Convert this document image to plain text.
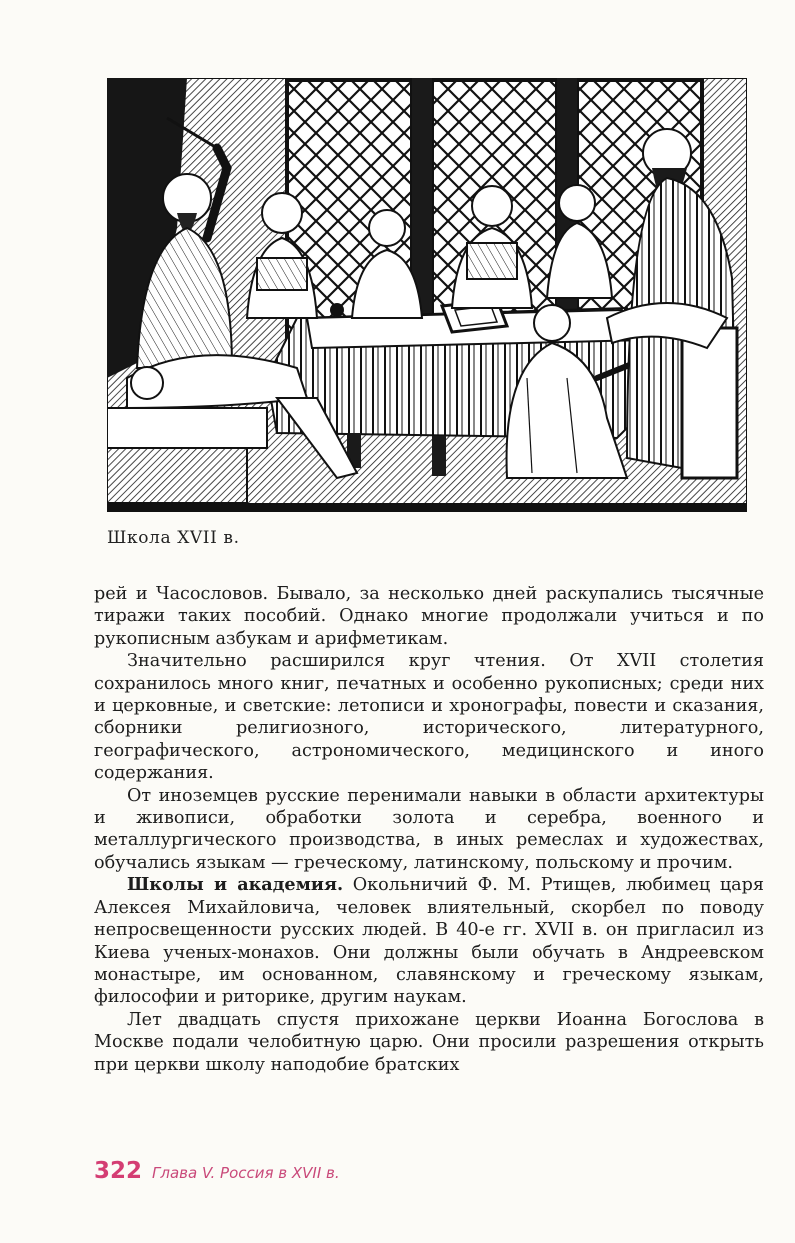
Школа XVII в.

рей и Часословов. Бывало, за несколько дней раскупались тысячные тиражи таких пособий. Однако многие продолжали учиться и по рукописным азбукам и арифметикам.

Значительно расширился круг чтения. От XVII столетия сохранилось много книг, печатных и особенно рукописных; среди них и церковные, и светские: летописи и хронографы, повести и сказания, сборники религиозного, исторического, литературного, географического, астрономического, медицинского и иного содержания.

От иноземцев русские перенимали навыки в области архитектуры и живописи, обработки золота и серебра, военного и металлургического производства, в иных ремеслах и художествах, обучались языкам — греческому, латинскому, польскому и прочим.

Школы и академия. Окольничий Ф. М. Ртищев, любимец царя Алексея Михайловича, человек влиятельный, скорбел по поводу непросвещенности русских людей. В 40-е гг. XVII в. он пригласил из Киева ученых-монахов. Они должны были обучать в Андреевском монастыре, им основанном, славянскому и греческому языкам, философии и риторике, другим наукам.

Лет двадцать спустя прихожане церкви Иоанна Богослова в Москве подали челобитную царю. Они просили разрешения открыть при церкви школу наподобие братских

322 Глава V. Россия в XVII в.
